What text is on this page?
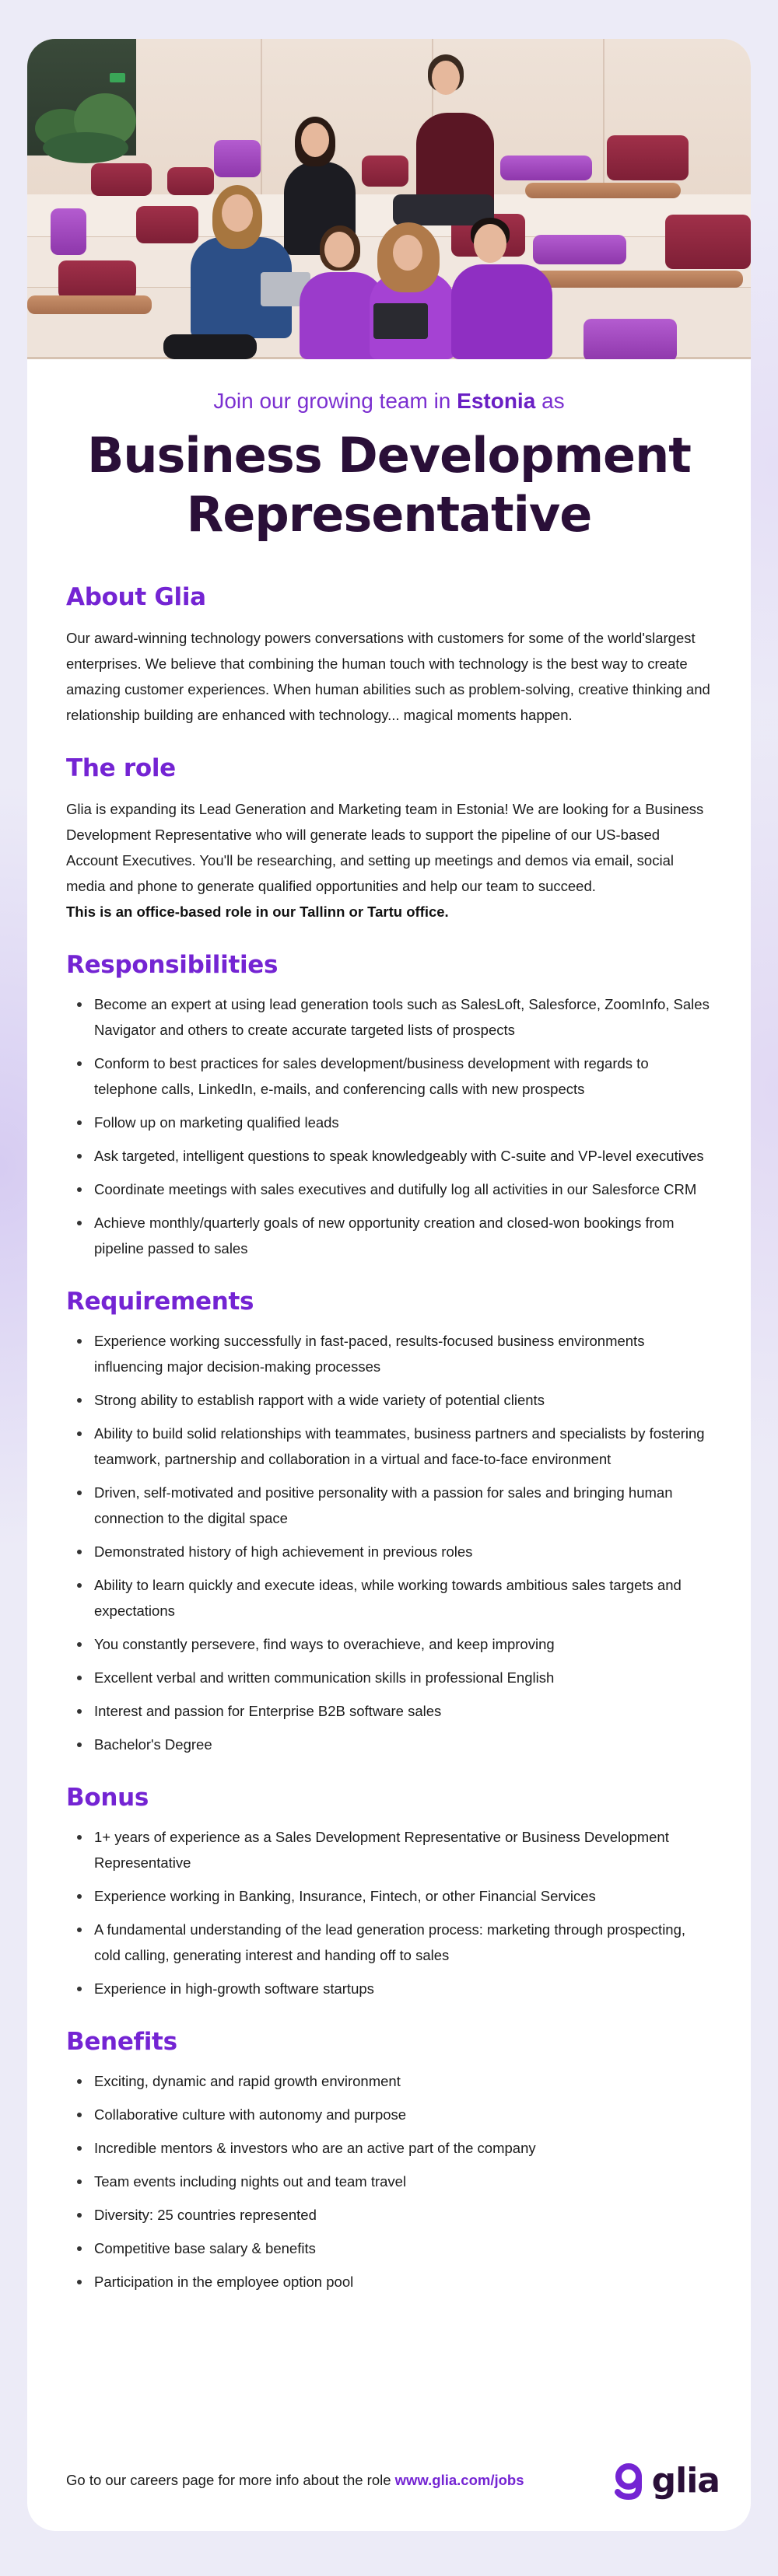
Join our growing team in Estonia as

Business Development
Representative
About Glia

Our award-winning technology powers conversations with customers for some of the world'slargest enterprises. We believe that combining the human touch with technology is the best way to create amazing customer experiences. When human abilities such as problem-solving, creative thinking and relationship building are enhanced with technology... magical moments happen.

The role

Glia is expanding its Lead Generation and Marketing team in Estonia! We are looking for a Business Development Representative who will generate leads to support the pipeline of our US-based Account Executives. You'll be researching, and setting up meetings and demos via email, social media and phone to generate qualified opportunities and help our team to succeed.
This is an office-based role in our Tallinn or Tartu office.

Responsibilities
Become an expert at using lead generation tools such as SalesLoft, Salesforce, ZoomInfo, Sales Navigator and others to create accurate targeted lists of prospects
Conform to best practices for sales development/business development with regards to telephone calls, LinkedIn, e-mails, and conferencing calls with new prospects
Follow up on marketing qualified leads
Ask targeted, intelligent questions to speak knowledgeably with C-suite and VP-level executives
Coordinate meetings with sales executives and dutifully log all activities in our Salesforce CRM
Achieve monthly/quarterly goals of new opportunity creation and closed-won bookings from pipeline passed to sales
Requirements
Experience working successfully in fast-paced, results-focused business environments influencing major decision-making processes
Strong ability to establish rapport with a wide variety of potential clients
Ability to build solid relationships with teammates, business partners and specialists by fostering teamwork, partnership and collaboration in a virtual and face-to-face environment
Driven, self-motivated and positive personality with a passion for sales and bringing human connection to the digital space
Demonstrated history of high achievement in previous roles
Ability to learn quickly and execute ideas, while working towards ambitious sales targets and expectations
You constantly persevere, find ways to overachieve, and keep improving
Excellent verbal and written communication skills in professional English
Interest and passion for Enterprise B2B software sales
Bachelor's Degree
Bonus
1+ years of experience as a Sales Development Representative or Business Development Representative
Experience working in Banking, Insurance, Fintech, or other Financial Services
A fundamental understanding of the lead generation process: marketing through prospecting, cold calling, generating interest and handing off to sales
Experience in high-growth software startups
Benefits
Exciting, dynamic and rapid growth environment
Collaborative culture with autonomy and purpose
Incredible mentors & investors who are an active part of the company
Team events including nights out and team travel
Diversity: 25 countries represented
Competitive base salary & benefits
Participation in the employee option pool

Go to our careers page for more info about the role www.glia.com/jobs	glia
